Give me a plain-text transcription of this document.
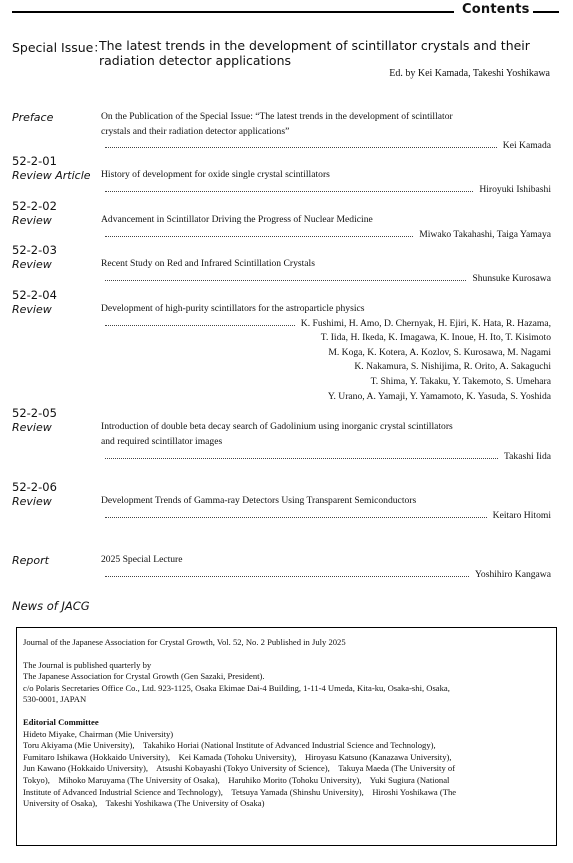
Contents
Special Issue：
The latest trends in the development of scintillator crystals and their
radiation detector applications
Ed. by Kei Kamada, Takeshi Yoshikawa
Preface	On the Publication of the Special Issue: “The latest trends in the development of scintillator
crystals and their radiation detector applications”
Kei Kamada
52-2-01
Review Article History of development for oxide single crystal scintillators
Hiroyuki Ishibashi
52-2-02
Review	Advancement in Scintillator Driving the Progress of Nuclear Medicine
Miwako Takahashi, Taiga Yamaya
52-2-03
Review	Recent Study on Red and Infrared Scintillation Crystals
Shunsuke Kurosawa
52-2-04
Review	Development of high-purity scintillators for the astroparticle physics
K. Fushimi, H. Amo, D. Chernyak, H. Ejiri, K. Hata, R. Hazama,
T. Iida, H. Ikeda, K. Imagawa, K. Inoue, H. Ito, T. Kisimoto
M. Koga, K. Kotera, A. Kozlov, S. Kurosawa, M. Nagami
K. Nakamura, S. Nishijima, R. Orito, A. Sakaguchi
T. Shima, Y. Takaku, Y. Takemoto, S. Umehara
Y. Urano, A. Yamaji, Y. Yamamoto, K. Yasuda, S. Yoshida
52-2-05
Review	Introduction of double beta decay search of Gadolinium using inorganic crystal scintillators
and required scintillator images
Takashi Iida
52-2-06
Review	Development Trends of Gamma-ray Detectors Using Transparent Semiconductors
Keitaro Hitomi
Report	2025 Special Lecture
Yoshihiro Kangawa
News of JACG

Journal of the Japanese Association for Crystal Growth, Vol. 52, No. 2 Published in July 2025

The Journal is published quarterly by

The Japanese Association for Crystal Growth (Gen Sazaki, President).

c/o Polaris Secretaries Office Co., Ltd. 923-1125, Osaka Ekimae Dai-4 Building, 1-11-4 Umeda, Kita-ku, Osaka-shi, Osaka,

530-0001, JAPAN

Editorial Committee

Hideto Miyake, Chairman (Mie University)

Toru Akiyama (Mie University),    Takahiko Horiai (National Institute of Advanced Industrial Science and Technology),

Fumitaro Ishikawa (Hokkaido University),    Kei Kamada (Tohoku University),    Hiroyasu Katsuno (Kanazawa University),

Jun Kawano (Hokkaido University),    Atsushi Kobayashi (Tokyo University of Science),    Takuya Maeda (The University of

Tokyo),    Mihoko Maruyama (The University of Osaka),    Haruhiko Morito (Tohoku University),    Yuki Sugiura (National

Institute of Advanced Industrial Science and Technology),    Tetsuya Yamada (Shinshu University),    Hiroshi Yoshikawa (The

University of Osaka),    Takeshi Yoshikawa (The University of Osaka)
